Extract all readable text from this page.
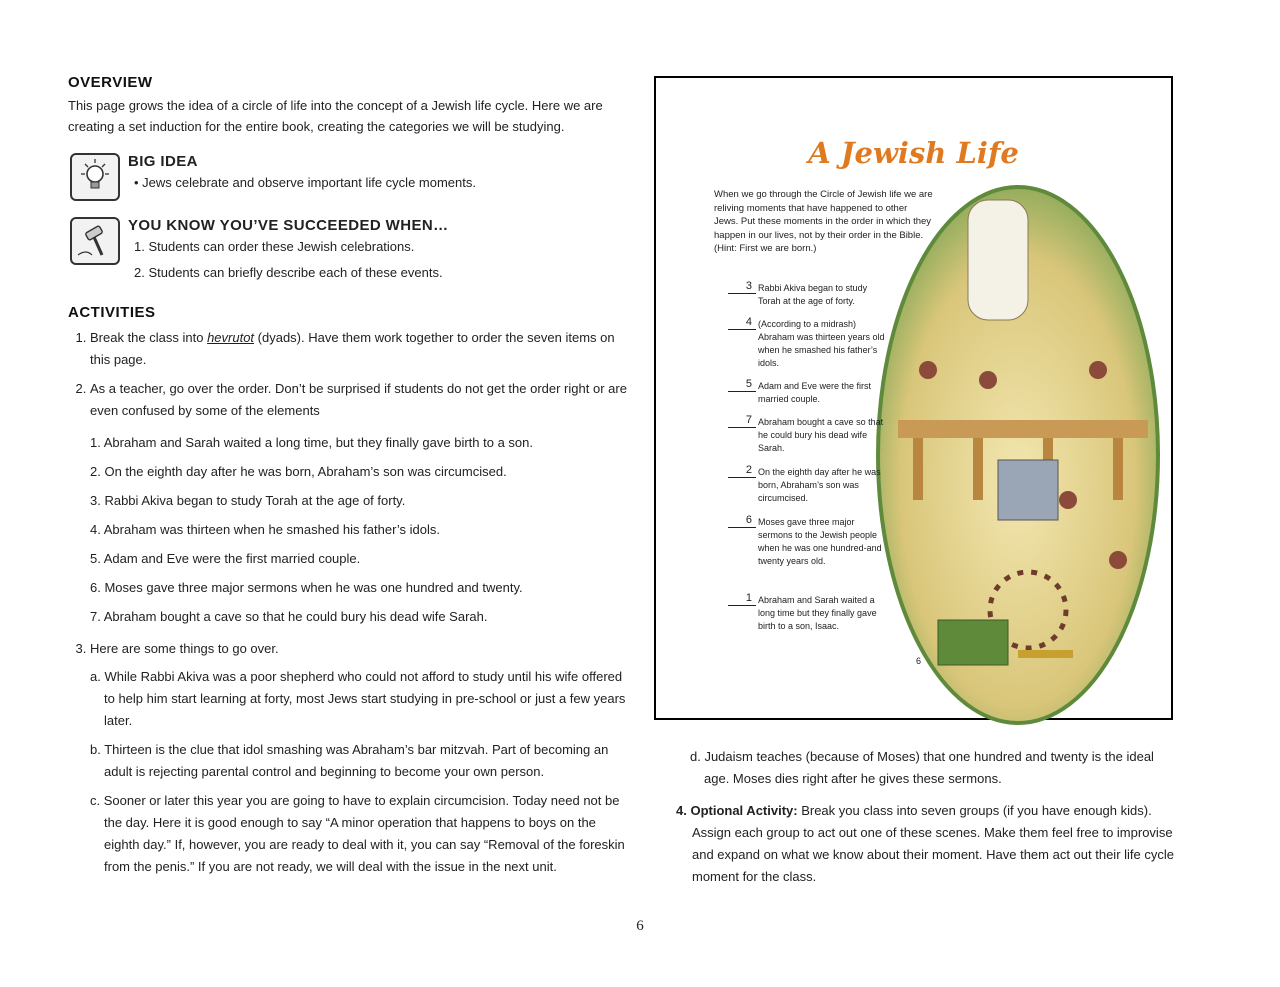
OVERVIEW

This page grows the idea of a circle of life into the concept of a Jewish life cycle. Here we are creating a set induction for the entire book, creating the categories we will be studying.

BIG IDEA
• Jews celebrate and observe important life cycle moments.
YOU KNOW YOU’VE SUCCEEDED WHEN…
1. Students can order these Jewish celebrations.
2. Students can briefly describe each of these events.
ACTIVITIES
1. Break the class into hevrutot (dyads). Have them work together to order the seven items on this page.
2. As a teacher, go over the order. Don’t be surprised if students do not get the order right or are even confused by some of the elements
1. Abraham and Sarah waited a long time, but they finally gave birth to a son.
2. On the eighth day after he was born, Abraham’s son was circumcised.
3. Rabbi Akiva began to study Torah at the age of forty.
4. Abraham was thirteen when he smashed his father’s idols.
5. Adam and Eve were the first married couple.
6. Moses gave three major sermons when he was one hundred and twenty.
7. Abraham bought a cave so that he could bury his dead wife Sarah.
3. Here are some things to go over.
a. While Rabbi Akiva was a poor shepherd who could not afford to study until his wife offered to help him start learning at forty, most Jews start studying in pre-school or just a few years later.
b. Thirteen is the clue that idol smashing was Abraham’s bar mitzvah. Part of becoming an adult is rejecting parental control and beginning to become your own person.
c. Sooner or later this year you are going to have to explain circumcision. Today need not be the day. Here it is good enough to say “A minor operation that happens to boys on the eighth day.” If, however, you are ready to deal with it, you can say “Removal of the foreskin from the penis.” If you are not ready, we will deal with the issue in the next unit.
A Jewish Life
When we go through the Circle of Jewish life we are reliving moments that have happened to other Jews. Put these moments in the order in which they happen in our lives, not by their order in the Bible. (Hint: First we are born.)
3 Rabbi Akiva began to study Torah at the age of forty.
4 (According to a midrash) Abraham was thirteen years old when he smashed his father’s idols.
5 Adam and Eve were the first married couple.
7 Abraham bought a cave so that he could bury his dead wife Sarah.
2 On the eighth day after he was born, Abraham’s son was circumcised.
6 Moses gave three major sermons to the Jewish people when he was one hundred-and twenty years old.
1 Abraham and Sarah waited a long time but they finally gave birth to a son, Isaac.
6
d. Judaism teaches (because of Moses) that one hundred and twenty is the ideal age. Moses dies right after he gives these sermons.
4. Optional Activity: Break you class into seven groups (if you have enough kids). Assign each group to act out one of these scenes. Make them feel free to improvise and expand on what we know about their moment. Have them act out their life cycle moment for the class.
6
